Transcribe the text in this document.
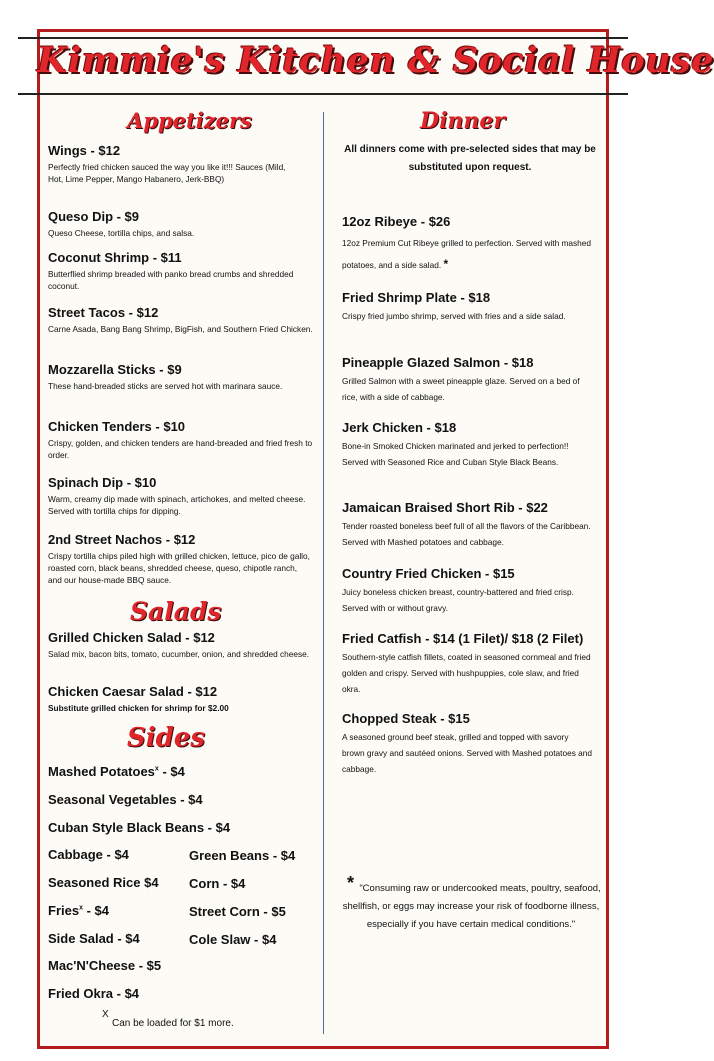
Kimmie's Kitchen & Social House
Appetizers
Wings - $12
Perfectly fried chicken sauced the way you like it!!! Sauces (Mild, Hot, Lime Pepper, Mango Habanero, Jerk-BBQ)
Queso Dip - $9
Queso Cheese, tortilla chips, and salsa.
Coconut Shrimp - $11
Butterflied shrimp breaded with panko bread crumbs and shredded coconut.
Street Tacos - $12
Carne Asada, Bang Bang Shrimp, BigFish, and Southern Fried Chicken.
Mozzarella Sticks - $9
These hand-breaded sticks are served hot with marinara sauce.
Chicken Tenders - $10
Crispy, golden, and chicken tenders are hand-breaded and fried fresh to order.
Spinach Dip - $10
Warm, creamy dip made with spinach, artichokes, and melted cheese. Served with tortilla chips for dipping.
2nd Street Nachos - $12
Crispy tortilla chips piled high with grilled chicken, lettuce, pico de gallo, roasted corn, black beans, shredded cheese, queso, chipotle ranch, and our house-made BBQ sauce.
Salads
Grilled Chicken Salad - $12
Salad mix, bacon bits, tomato, cucumber, onion, and shredded cheese.
Chicken Caesar Salad - $12
Substitute grilled chicken for shrimp for $2.00
Sides
Mashed Potatoes$^x$ - $4
Seasonal Vegetables - $4
Cuban Style Black Beans - $4
Cabbage - $4	Green Beans - $4
Seasoned Rice $4 Corn - $4
Fries$^x$ - $4	Street Corn - $5
Side Salad - $4	Cole Slaw - $4
Mac'N'Cheese - $5
Fried Okra - $4
X
Can be loaded for $1 more.
Dinner
All dinners come with pre-selected sides that may be substituted upon request.
12oz Ribeye - $26
12oz Premium Cut Ribeye grilled to perfection. Served with mashed potatoes, and a side salad. *
Fried Shrimp Plate - $18
Crispy fried jumbo shrimp, served with fries and a side salad.
Pineapple Glazed Salmon - $18
Grilled Salmon with a sweet pineapple glaze. Served on a bed of rice, with a side of cabbage.
Jerk Chicken - $18
Bone-in Smoked Chicken marinated and jerked to perfection!! Served with Seasoned Rice and Cuban Style Black Beans.
Jamaican Braised Short Rib - $22
Tender roasted boneless beef full of all the flavors of the Caribbean. Served with Mashed potatoes and cabbage.
Country Fried Chicken - $15
Juicy boneless chicken breast, country-battered and fried crisp. Served with or without gravy.
Fried Catfish - $14 (1 Filet)/ $18 (2 Filet)
Southern-style catfish fillets, coated in seasoned cornmeal and fried golden and crispy. Served with hushpuppies, cole slaw, and fried okra.
Chopped Steak - $15
A seasoned ground beef steak, grilled and topped with savory brown gravy and sautéed onions. Served with Mashed potatoes and cabbage.
* "Consuming raw or undercooked meats, poultry, seafood, shellfish, or eggs may increase your risk of foodborne illness, especially if you have certain medical conditions."
